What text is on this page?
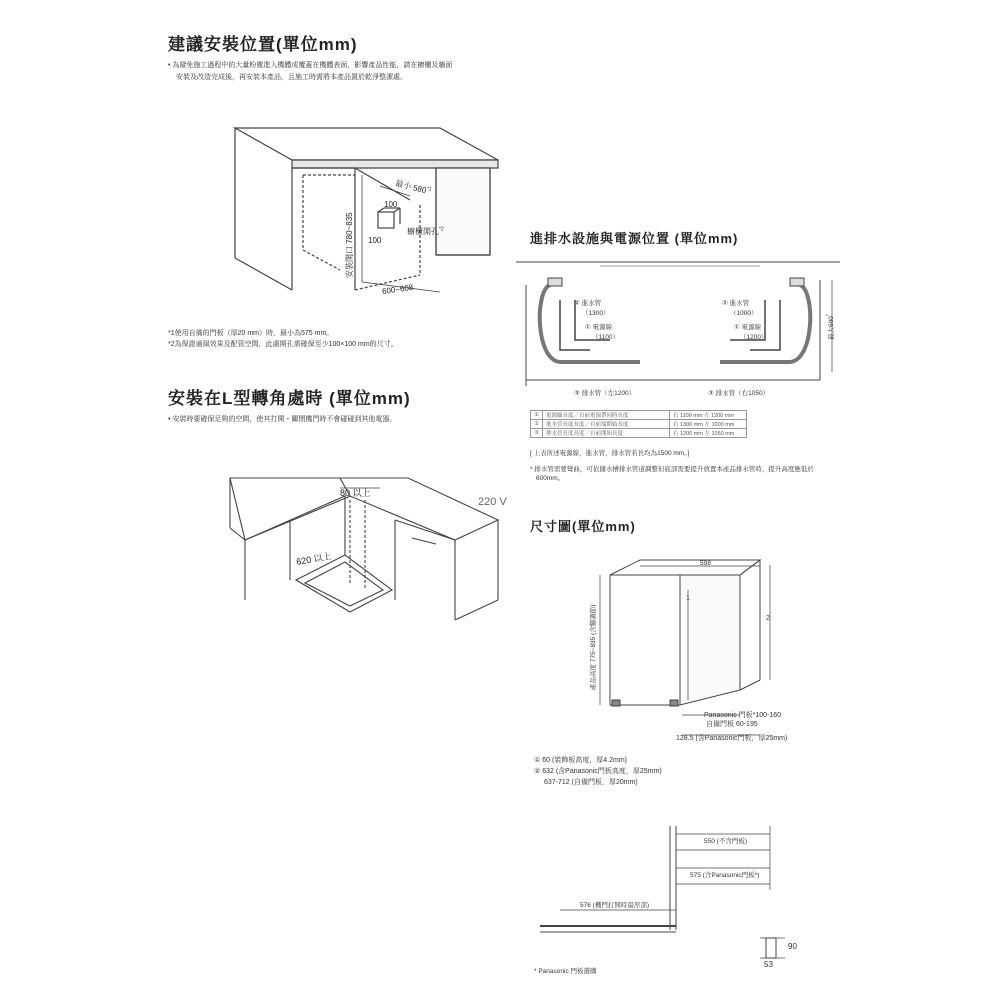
建議安裝位置(單位mm)
• 為避免施工過程中的大量粉塵進入機體或覆蓋在機體表面，影響產品性能，請在櫥櫃及牆面
安裝及改造完成後，再安裝本產品，且施工時需將本產品置於乾淨整潔處。
最小 580$^{*1}$
安裝開口 780~835
100
100
櫥櫃開孔$^{*2}$
600~608
*1使用自備的門板（厚20 mm）時，最小為575 mm。
*2為保證通風效果及配管空間，此處開孔需確保至少100×100 mm的尺寸。
安裝在L型轉角處時 (單位mm)
• 安裝時要確保足夠的空間，使其打開・關閉機門時不會碰碰到其他電器。
80 以上
620 以上
220 V
進排水設施與電源位置 (單位mm)
② 進水管
（1300）
① 電源線
（1100）
② 進水管
（1000）
① 電源線
（1200）
③ 排水管（左1200）	③ 排水管（右1050）
最大600*
①	電源線長度／自前電源帶同時長度	右 1100 mm 左 1200 mm
②	進水管長度長度／自前端開始長度	右 1300 mm 左 1000 mm
③	排水管長度長度／自前開始長度	右 1200 mm 左 1050 mm
[ 上表所述電源線，進水管，排水管若長均為1500 mm。]
* 排水管需要彎曲，可依據水槽排水管道調整但底部需要提升放置本產品排水管時，提升高度應低於
600mm。
尺寸圖(單位mm)
2
1
598
產品高度 775~835 (含腳調節)
Panasonic 門板*100-160
自備門板 60-195
128.5 (含Panasonic門板，厚25mm)
① 60 (裝飾板高度，厚4.2mm)
② 632 (含Panasonic門板高度，厚25mm)
637-712 (自備門板，厚20mm)
550 (不含門板)
575 (含Panasonic門板*)
576 (機門打開時最厚部)
90
53
* Panasonic 門板選購
